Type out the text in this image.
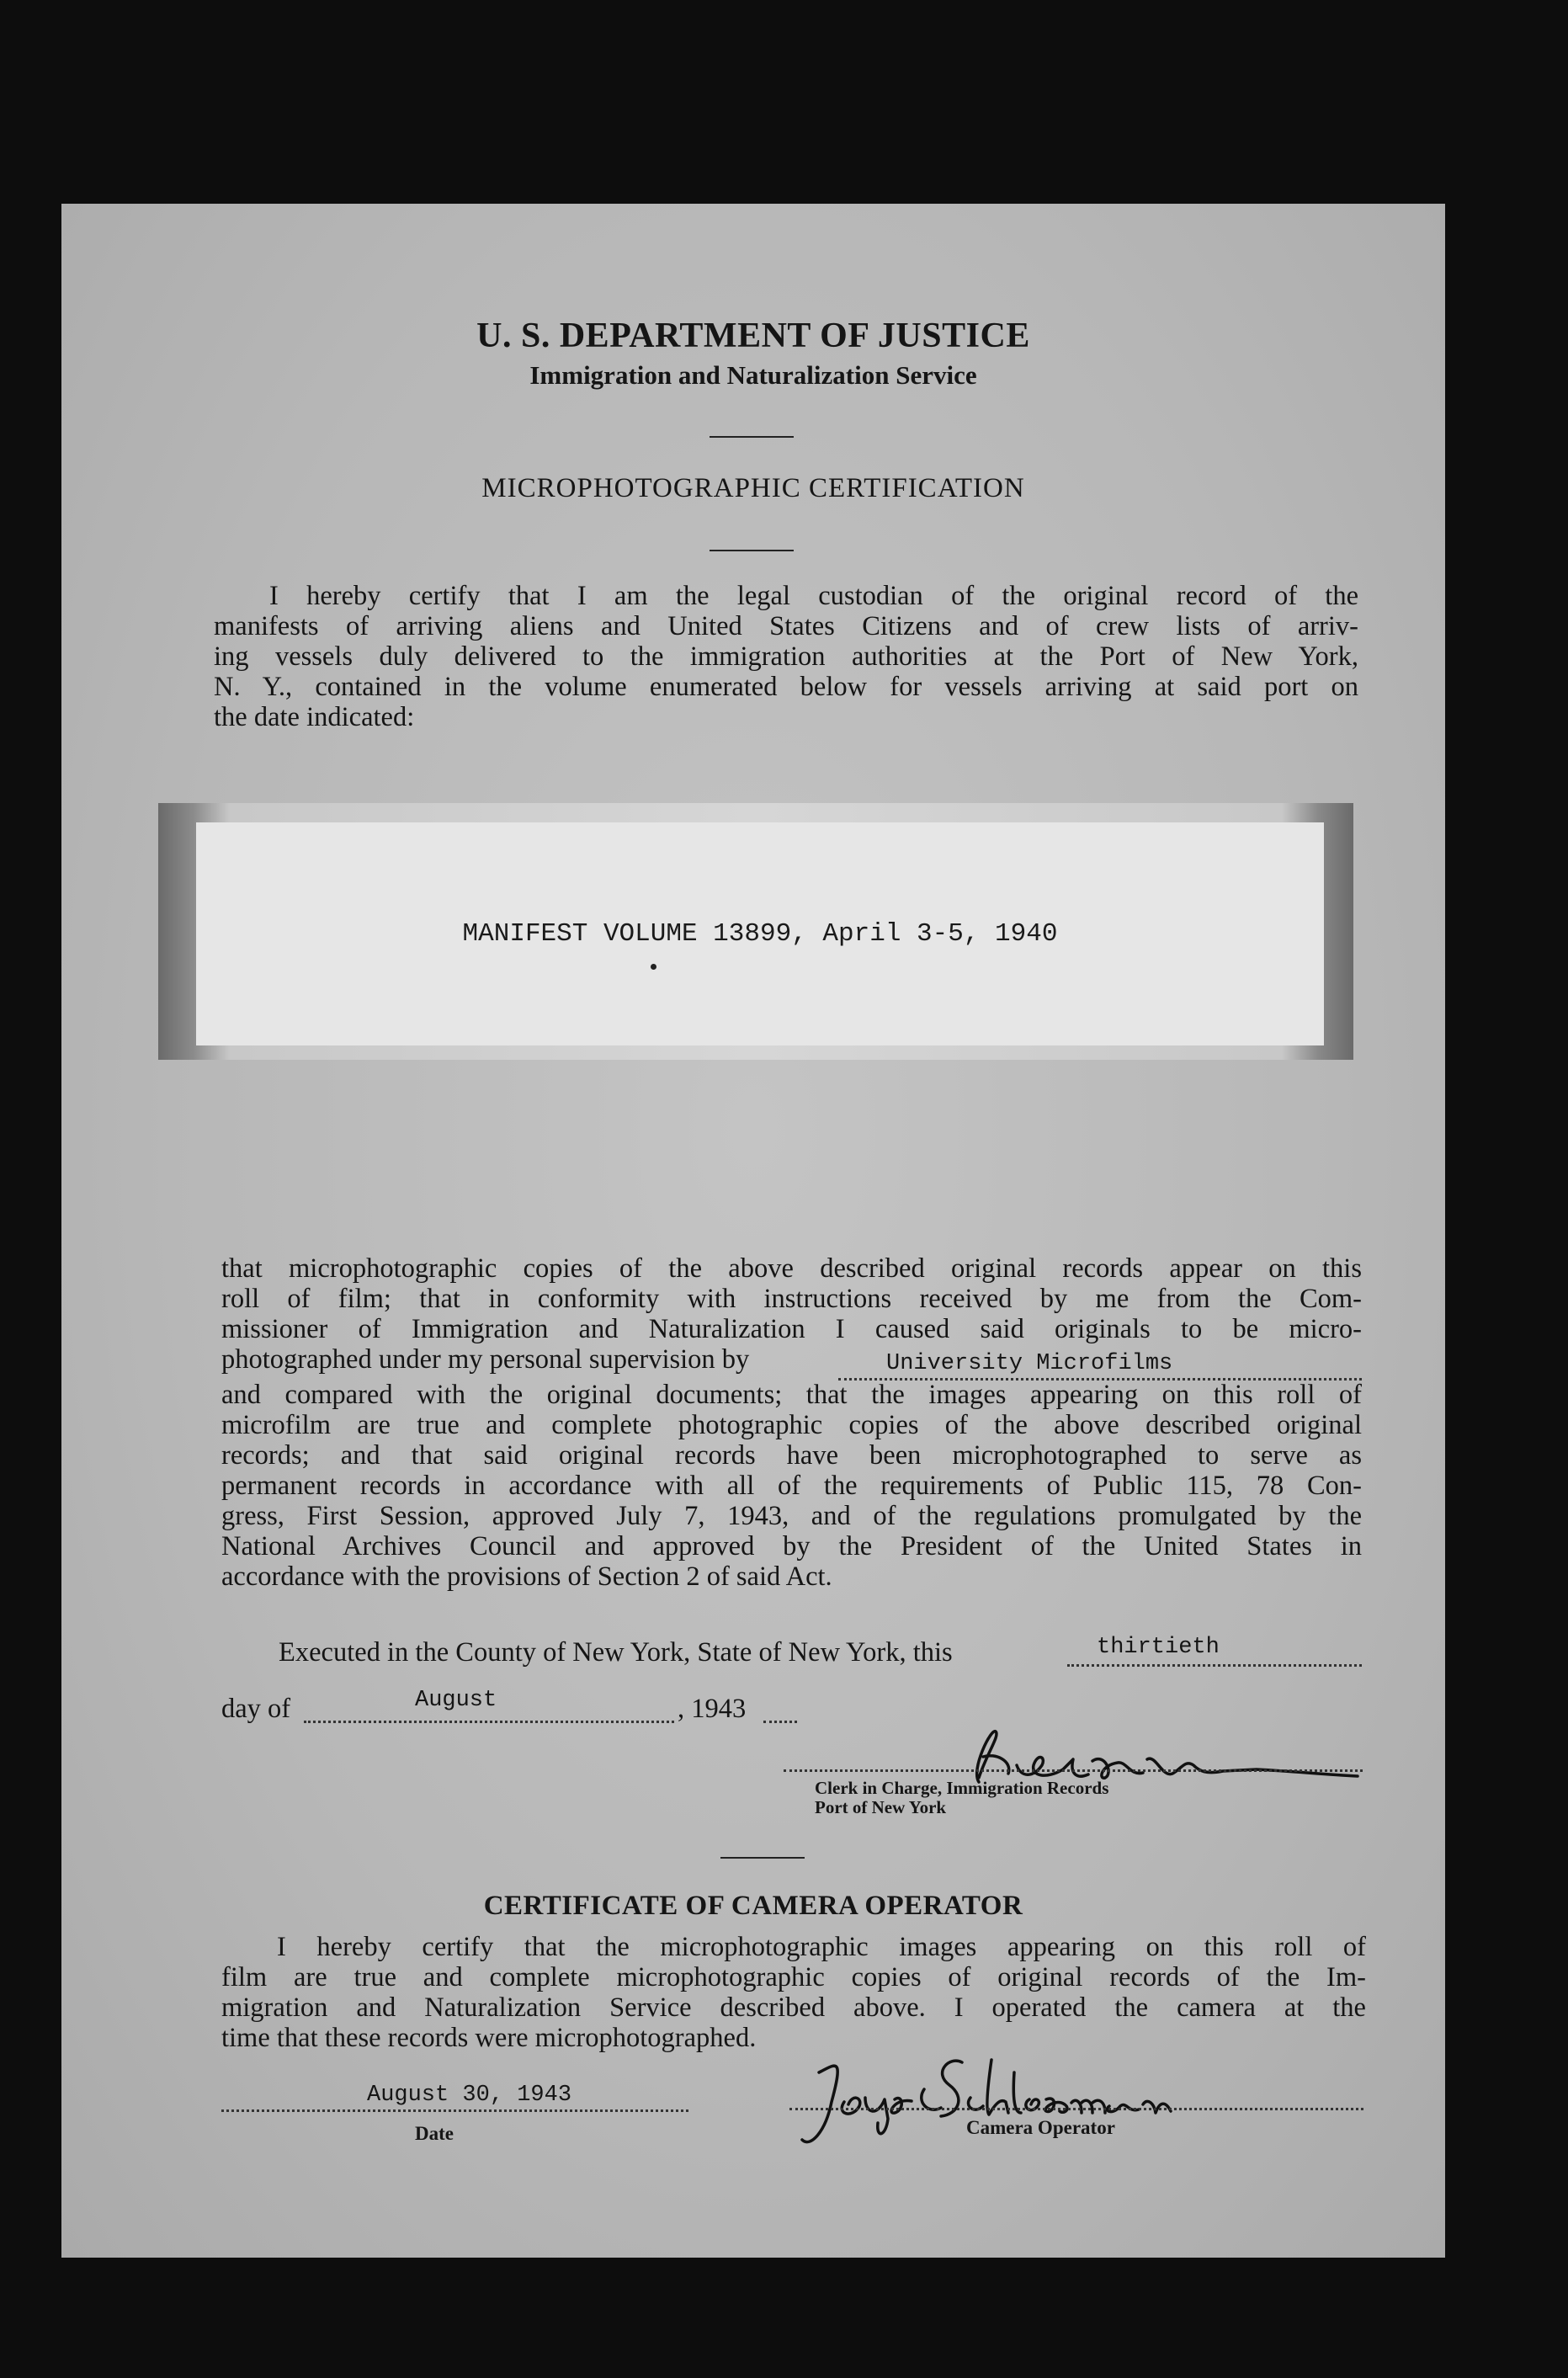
U. S. DEPARTMENT OF JUSTICE
Immigration and Naturalization Service
MICROPHOTOGRAPHIC CERTIFICATION

I hereby certify that I am the legal custodian of the original record of the

manifests of arriving aliens and United States Citizens and of crew lists of arriv-

ing vessels duly delivered to the immigration authorities at the Port of New York,

N. Y., contained in the volume enumerated below for vessels arriving at said port on

the date indicated:

MANIFEST VOLUME 13899, April 3-5, 1940

that microphotographic copies of the above described original records appear on this

roll of film; that in conformity with instructions received by me from the Com-

missioner of Immigration and Naturalization I caused said originals to be micro-

photographed under my personal supervision by	University Microfilms

and compared with the original documents; that the images appearing on this roll of

microfilm are true and complete photographic copies of the above described original

records; and that said original records have been microphotographed to serve as

permanent records in accordance with all of the requirements of Public 115, 78 Con-

gress, First Session, approved July 7, 1943, and of the regulations promulgated by the

National Archives Council and approved by the President of the United States in

accordance with the provisions of Section 2 of said Act.

Executed in the County of New York, State of New York, this	thirtieth
day of	August	, 1943
Clerk in Charge, Immigration Records
Port of New York
CERTIFICATE OF CAMERA OPERATOR

I hereby certify that the microphotographic images appearing on this roll of

film are true and complete microphotographic copies of original records of the Im-

migration and Naturalization Service described above. I operated the camera at the

time that these records were microphotographed.

August 30, 1943
Date	Camera Operator
